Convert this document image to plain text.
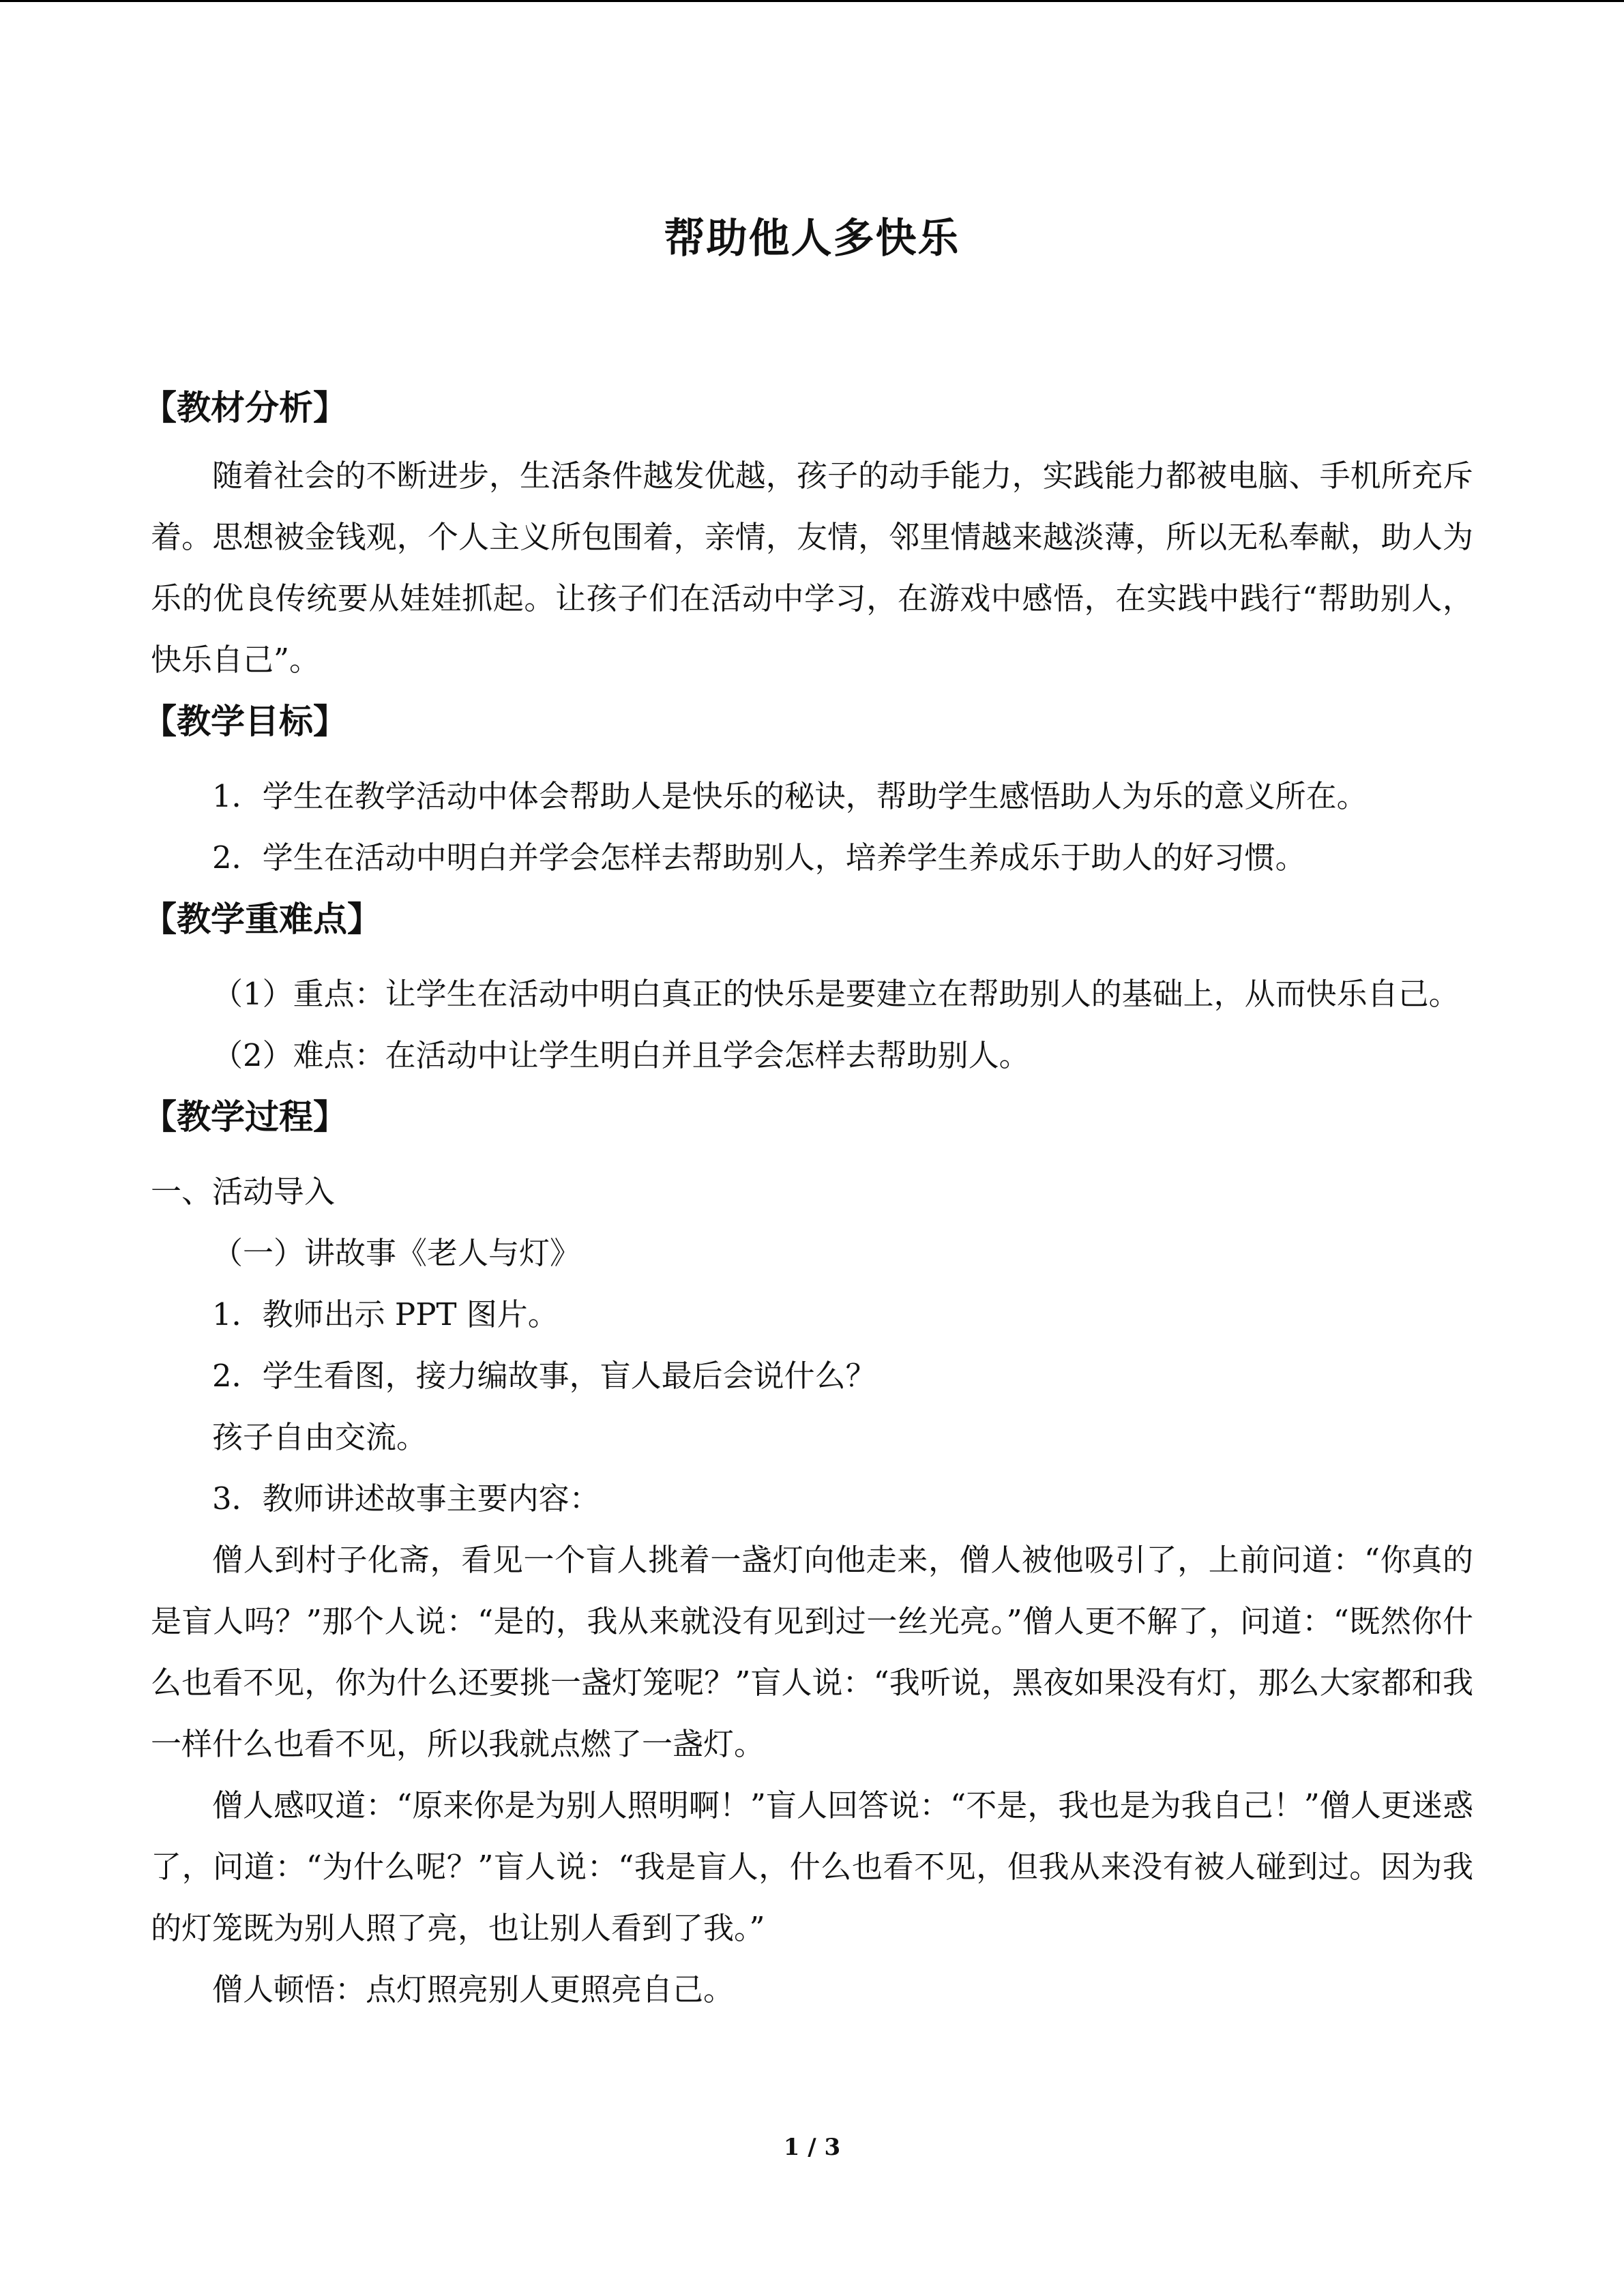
帮助他人多快乐
【教材分析】

随着社会的不断进步，生活条件越发优越，孩子的动手能力，实践能力都被电脑、手机所充斥着。思想被金钱观，个人主义所包围着，亲情，友情，邻里情越来越淡薄，所以无私奉献，助人为乐的优良传统要从娃娃抓起。让孩子们在活动中学习，在游戏中感悟，在实践中践行“帮助别人，快乐自己”。

【教学目标】

1．学生在教学活动中体会帮助人是快乐的秘诀，帮助学生感悟助人为乐的意义所在。

2．学生在活动中明白并学会怎样去帮助别人，培养学生养成乐于助人的好习惯。

【教学重难点】

（1）重点：让学生在活动中明白真正的快乐是要建立在帮助别人的基础上，从而快乐自己。

（2）难点：在活动中让学生明白并且学会怎样去帮助别人。

【教学过程】

一、活动导入

（一）讲故事《老人与灯》

1．教师出示 PPT 图片。

2．学生看图，接力编故事，盲人最后会说什么？

孩子自由交流。

3．教师讲述故事主要内容：

僧人到村子化斋，看见一个盲人挑着一盏灯向他走来，僧人被他吸引了，上前问道：“你真的是盲人吗？”那个人说：“是的，我从来就没有见到过一丝光亮。”僧人更不解了，问道：“既然你什么也看不见，你为什么还要挑一盏灯笼呢？”盲人说：“我听说，黑夜如果没有灯，那么大家都和我一样什么也看不见，所以我就点燃了一盏灯。

僧人感叹道：“原来你是为别人照明啊！”盲人回答说：“不是，我也是为我自己！”僧人更迷惑了，问道：“为什么呢？”盲人说：“我是盲人，什么也看不见，但我从来没有被人碰到过。因为我的灯笼既为别人照了亮，也让别人看到了我。”

僧人顿悟：点灯照亮别人更照亮自己。

1 / 3
